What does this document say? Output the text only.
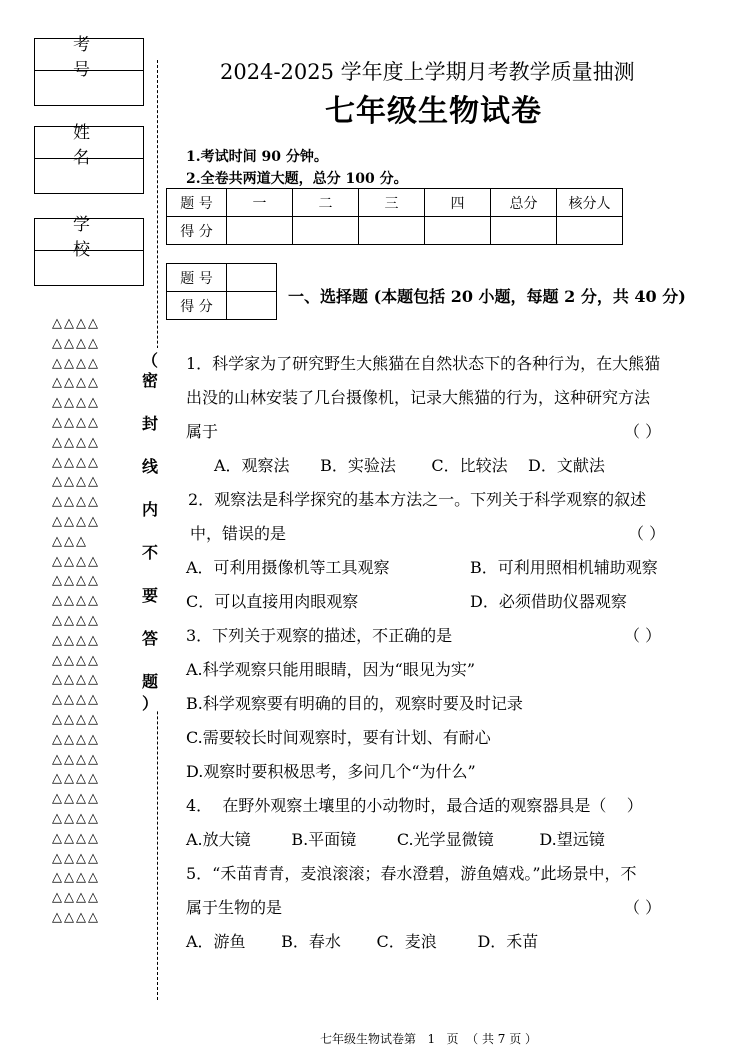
考号
姓名
学校
△△△△
△△△△
△△△△
△△△△
△△△△
△△△△
△△△△
△△△△
△△△△
△△△△
△△△△
△△△
△△△△
△△△△
△△△△
△△△△
△△△△
△△△△
△△△△
△△△△
△△△△
△△△△
△△△△
△△△△
△△△△
△△△△
△△△△
△△△△
△△△△
△△△△
△△△△
（
密
封
线
内
不
要
答
题
）
2024-2025 学年度上学期月考教学质量抽测
七年级生物试卷
1.考试时间 90 分钟。
2.全卷共两道大题，总分 100 分。
题 号	一	二	三	四	总分	核分人
得 分						
题 号	
得 分	
一、选择题 (本题包括 20 小题，每题 2 分，共 40 分)
1．科学家为了研究野生大熊猫在自然状态下的各种行为，在大熊猫
出没的山林安装了几台摄像机，记录大熊猫的行为，这种研究方法
属于	（ ）
A．观察法      B．实验法       C．比较法    D．文献法
2．观察法是科学探究的基本方法之一。下列关于科学观察的叙述
中，错误的是	（ ）
A．可利用摄像机等工具观察	B．可利用照相机辅助观察
C．可以直接用肉眼观察	D．必须借助仪器观察
3．下列关于观察的描述，不正确的是	（ ）
A.科学观察只能用眼睛，因为“眼见为实”
B.科学观察要有明确的目的，观察时要及时记录
C.需要较长时间观察时，要有计划、有耐心
D.观察时要积极思考，多问几个“为什么”
4．  在野外观察土壤里的小动物时，最合适的观察器具是（    ）
A.放大镜        B.平面镜        C.光学显微镜         D.望远镜
5．“禾苗青青，麦浪滚滚；春水澄碧，游鱼嬉戏。”此场景中，不
属于生物的是	（ ）
A．游鱼       B．春水       C．麦浪        D．禾苗
七年级生物试卷第   1   页  （ 共 7 页 ）
